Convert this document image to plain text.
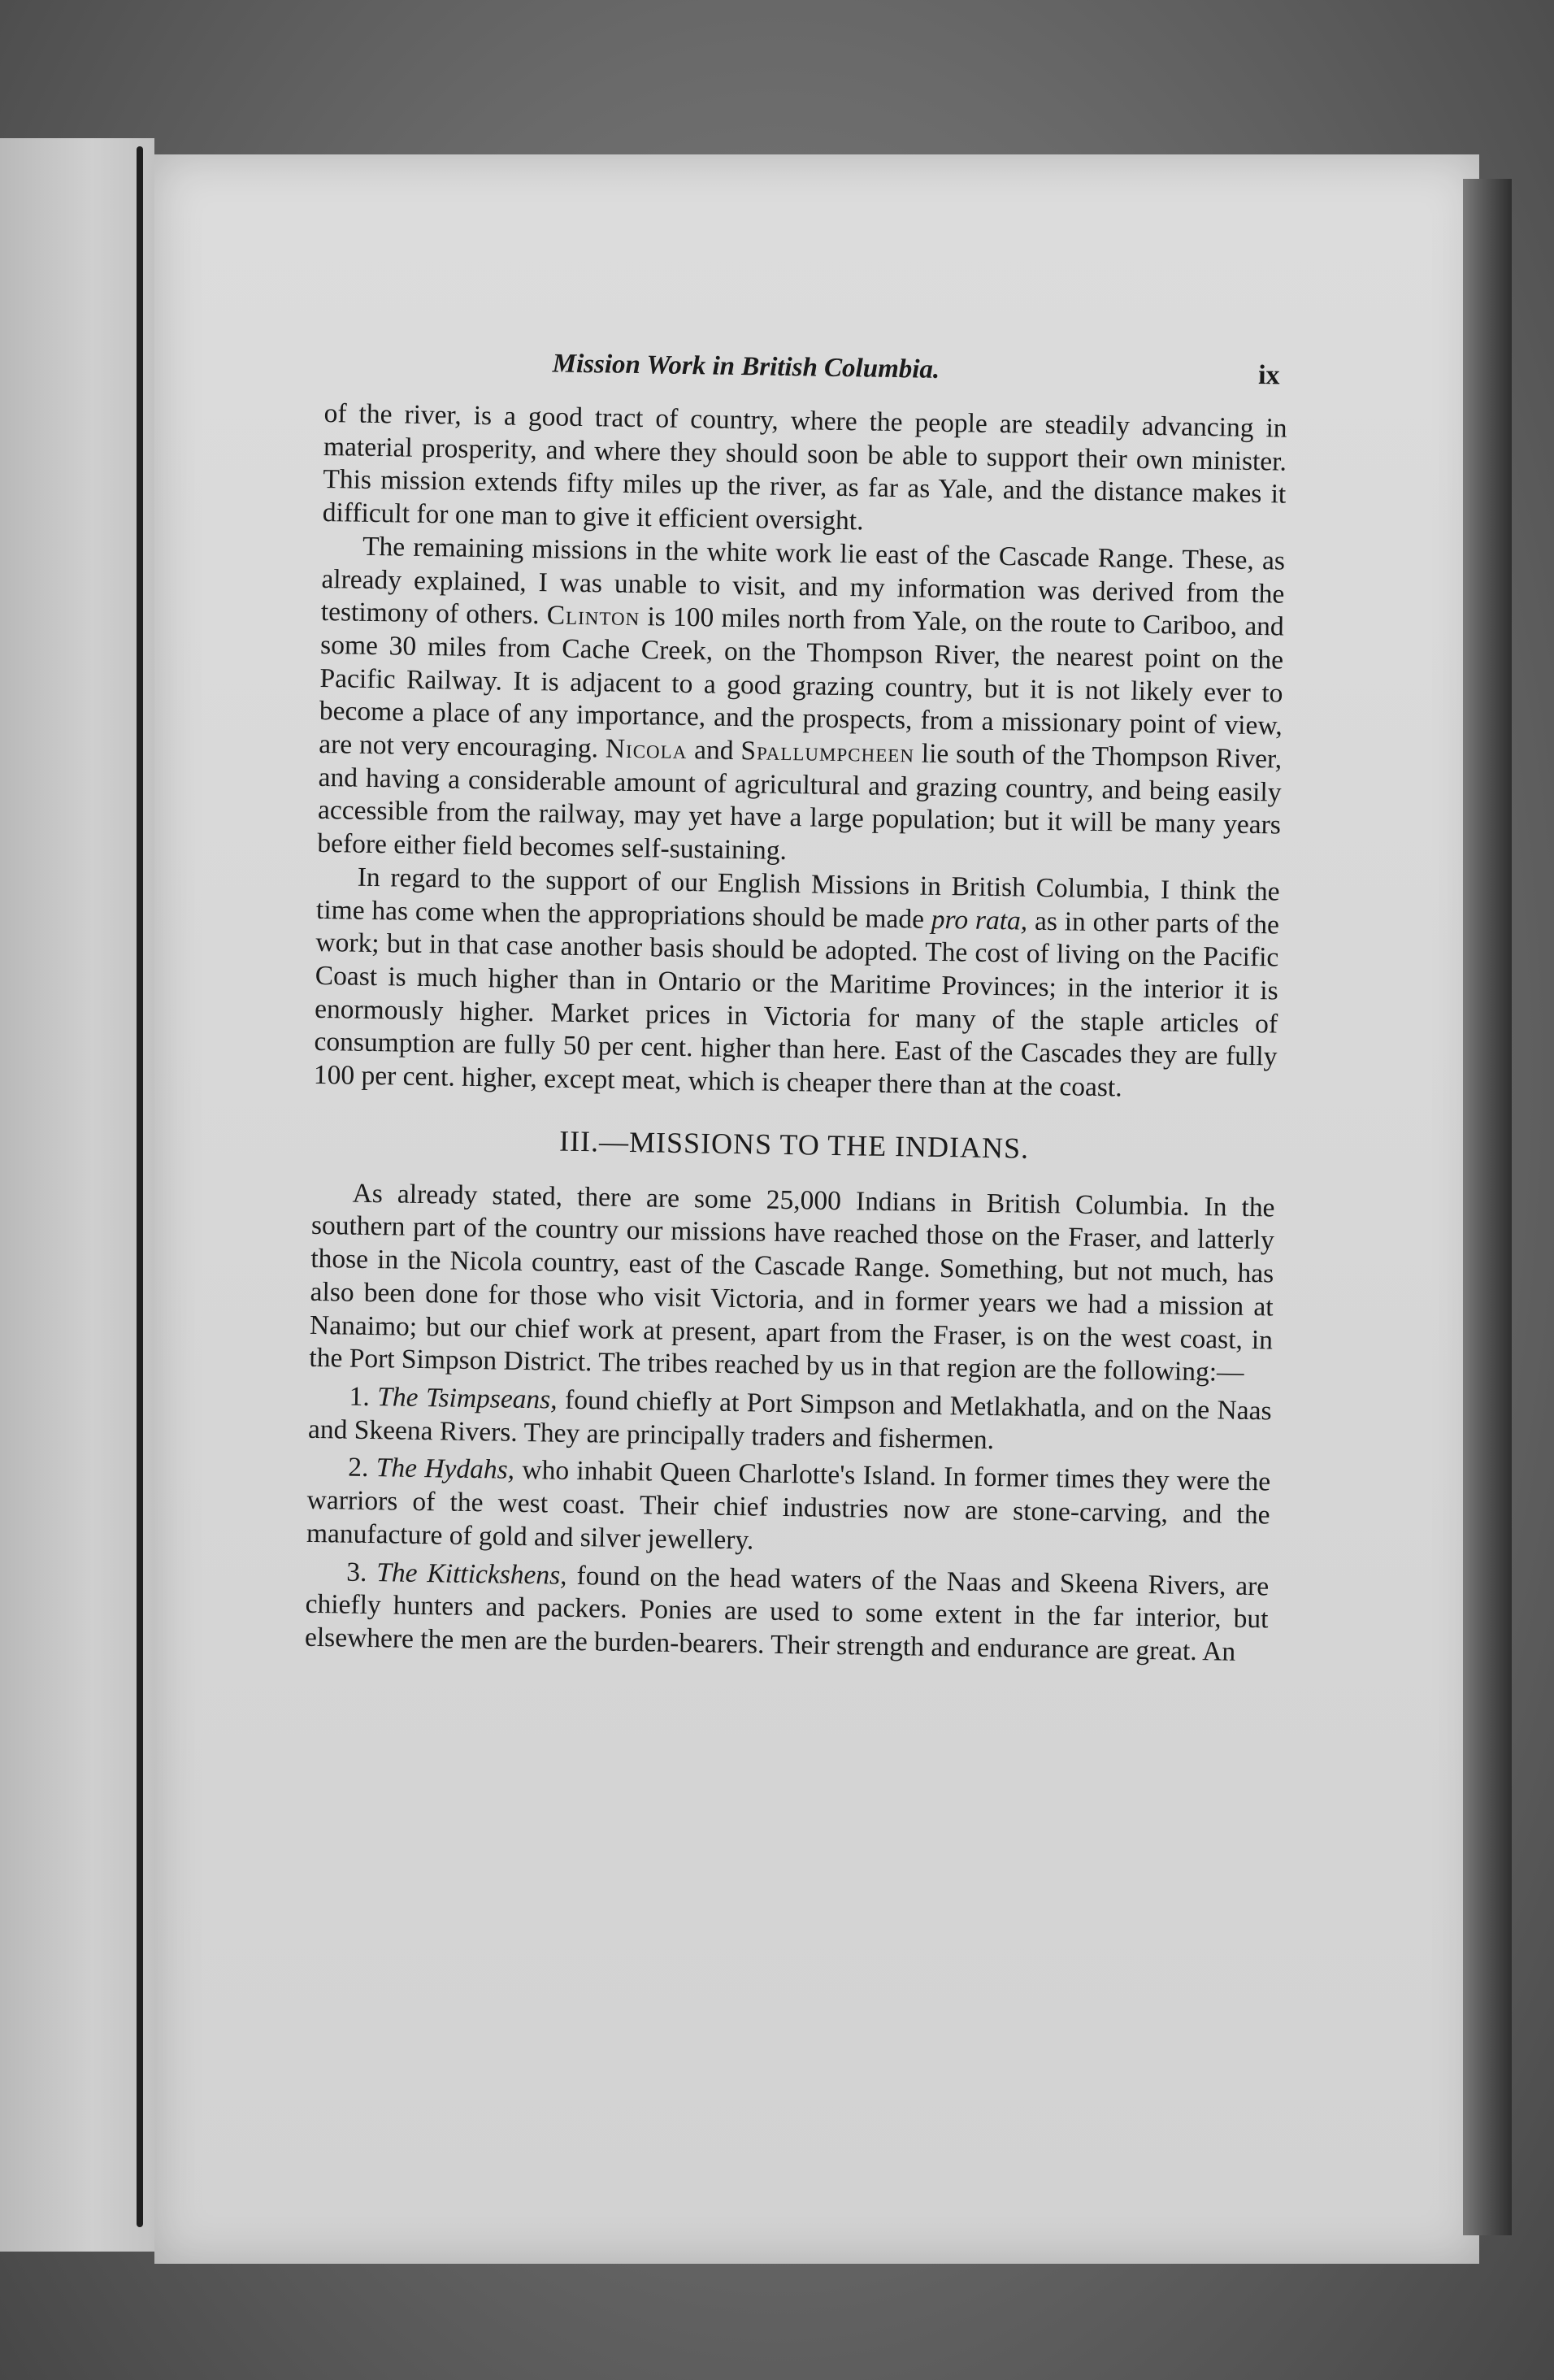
Mission Work in British Columbia.	ix

of the river, is a good tract of country, where the people are steadily advancing in material prosperity, and where they should soon be able to support their own minister. This mission extends fifty miles up the river, as far as Yale, and the distance makes it difficult for one man to give it efficient oversight.

The remaining missions in the white work lie east of the Cascade Range. These, as already explained, I was unable to visit, and my information was derived from the testimony of others. Clinton is 100 miles north from Yale, on the route to Cariboo, and some 30 miles from Cache Creek, on the Thompson River, the nearest point on the Pacific Railway. It is adjacent to a good grazing country, but it is not likely ever to become a place of any importance, and the prospects, from a missionary point of view, are not very encouraging. Nicola and Spallumpcheen lie south of the Thompson River, and having a considerable amount of agricultural and grazing country, and being easily accessible from the railway, may yet have a large population; but it will be many years before either field becomes self-sustaining.

In regard to the support of our English Missions in British Columbia, I think the time has come when the appropriations should be made pro rata, as in other parts of the work; but in that case another basis should be adopted. The cost of living on the Pacific Coast is much higher than in Ontario or the Maritime Provinces; in the interior it is enormously higher. Market prices in Victoria for many of the staple articles of consumption are fully 50 per cent. higher than here. East of the Cascades they are fully 100 per cent. higher, except meat, which is cheaper there than at the coast.

III.—MISSIONS TO THE INDIANS.

As already stated, there are some 25,000 Indians in British Columbia. In the southern part of the country our missions have reached those on the Fraser, and latterly those in the Nicola country, east of the Cascade Range. Something, but not much, has also been done for those who visit Victoria, and in former years we had a mission at Nanaimo; but our chief work at present, apart from the Fraser, is on the west coast, in the Port Simpson District. The tribes reached by us in that region are the following:—

1. The Tsimpseans, found chiefly at Port Simpson and Metlakhatla, and on the Naas and Skeena Rivers. They are principally traders and fishermen.

2. The Hydahs, who inhabit Queen Charlotte's Island. In former times they were the warriors of the west coast. Their chief industries now are stone-carving, and the manufacture of gold and silver jewellery.

3. The Kittickshens, found on the head waters of the Naas and Skeena Rivers, are chiefly hunters and packers. Ponies are used to some extent in the far interior, but elsewhere the men are the burden-bearers. Their strength and endurance are great. An
